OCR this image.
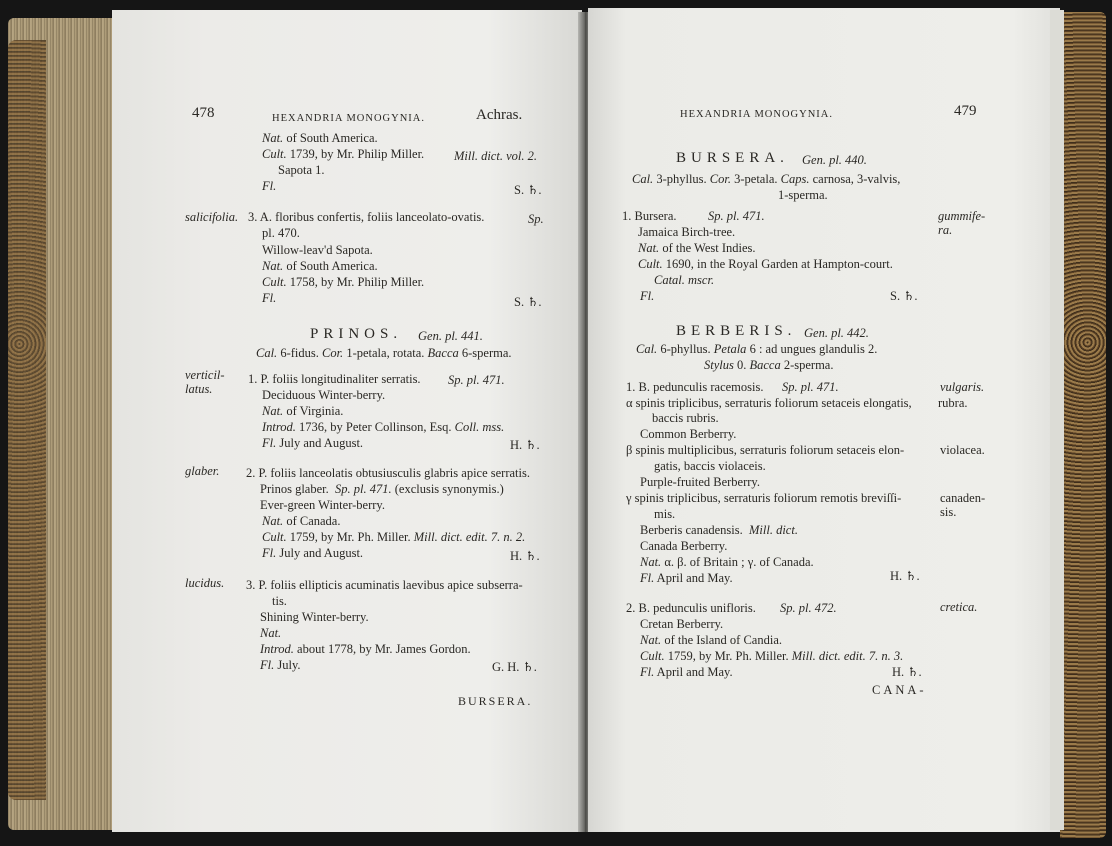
478	HEXANDRIA MONOGYNIA.	Achras.
Nat. of South America.
Cult. 1739, by Mr. Philip Miller. Mill. dict. vol. 2.
Sapota 1.
Fl.	S. ♄.
salicifolia. 3. A. floribus confertis, foliis lanceolato-ovatis.	Sp.
pl. 470.
Willow-leav'd Sapota.
Nat. of South America.
Cult. 1758, by Mr. Philip Miller.
Fl.	S. ♄.
PRINOS. Gen. pl. 441.
Cal. 6-fidus. Cor. 1-petala, rotata. Bacca 6-sperma.
verticil-
latus.
1. P. foliis longitudinaliter serratis. Sp. pl. 471.
Deciduous Winter-berry.
Nat. of Virginia.
Introd. 1736, by Peter Collinson, Esq. Coll. mss.
Fl. July and August.	H. ♄.
glaber. 2. P. foliis lanceolatis obtusiusculis glabris apice serratis.
Prinos glaber. Sp. pl. 471. (exclusis synonymis.)
Ever-green Winter-berry.
Nat. of Canada.
Cult. 1759, by Mr. Ph. Miller. Mill. dict. edit. 7. n. 2.
Fl. July and August.	H. ♄.
lucidus. 3. P. foliis ellipticis acuminatis laevibus apice subserra-
tis.
Shining Winter-berry.
Nat.
Introd. about 1778, by Mr. James Gordon.
Fl. July.	G. H. ♄.
BURSERA.
HEXANDRIA MONOGYNIA.	479
BURSERA. Gen. pl. 440.
Cal. 3-phyllus. Cor. 3-petala. Caps. carnosa, 3-valvis,
1-sperma.
1. Bursera.	Sp. pl. 471.	gummife-
ra.
Jamaica Birch-tree.
Nat. of the West Indies.
Cult. 1690, in the Royal Garden at Hampton-court.
Catal. mscr.
Fl.	S. ♄.
BERBERIS. Gen. pl. 442.
Cal. 6-phyllus. Petala 6 : ad ungues glandulis 2.
Stylus 0. Bacca 2-sperma.
1. B. pedunculis racemosis. Sp. pl. 471.	vulgaris.
rubra.
α spinis triplicibus, serraturis foliorum setaceis elongatis,
baccis rubris.
Common Berberry.
β spinis multiplicibus, serraturis foliorum setaceis elon-	violacea.
gatis, baccis violaceis.
Purple-fruited Berberry.
γ spinis triplicibus, serraturis foliorum remotis breviſſi-	canaden-
sis.
mis.
Berberis canadensis. Mill. dict.
Canada Berberry.
Nat. α. β. of Britain ; γ. of Canada.
Fl. April and May.	H. ♄.
2. B. pedunculis unifloris. Sp. pl. 472.	cretica.
Cretan Berberry.
Nat. of the Island of Candia.
Cult. 1759, by Mr. Ph. Miller. Mill. dict. edit. 7. n. 3.
Fl. April and May.	H. ♄.
CANA-
